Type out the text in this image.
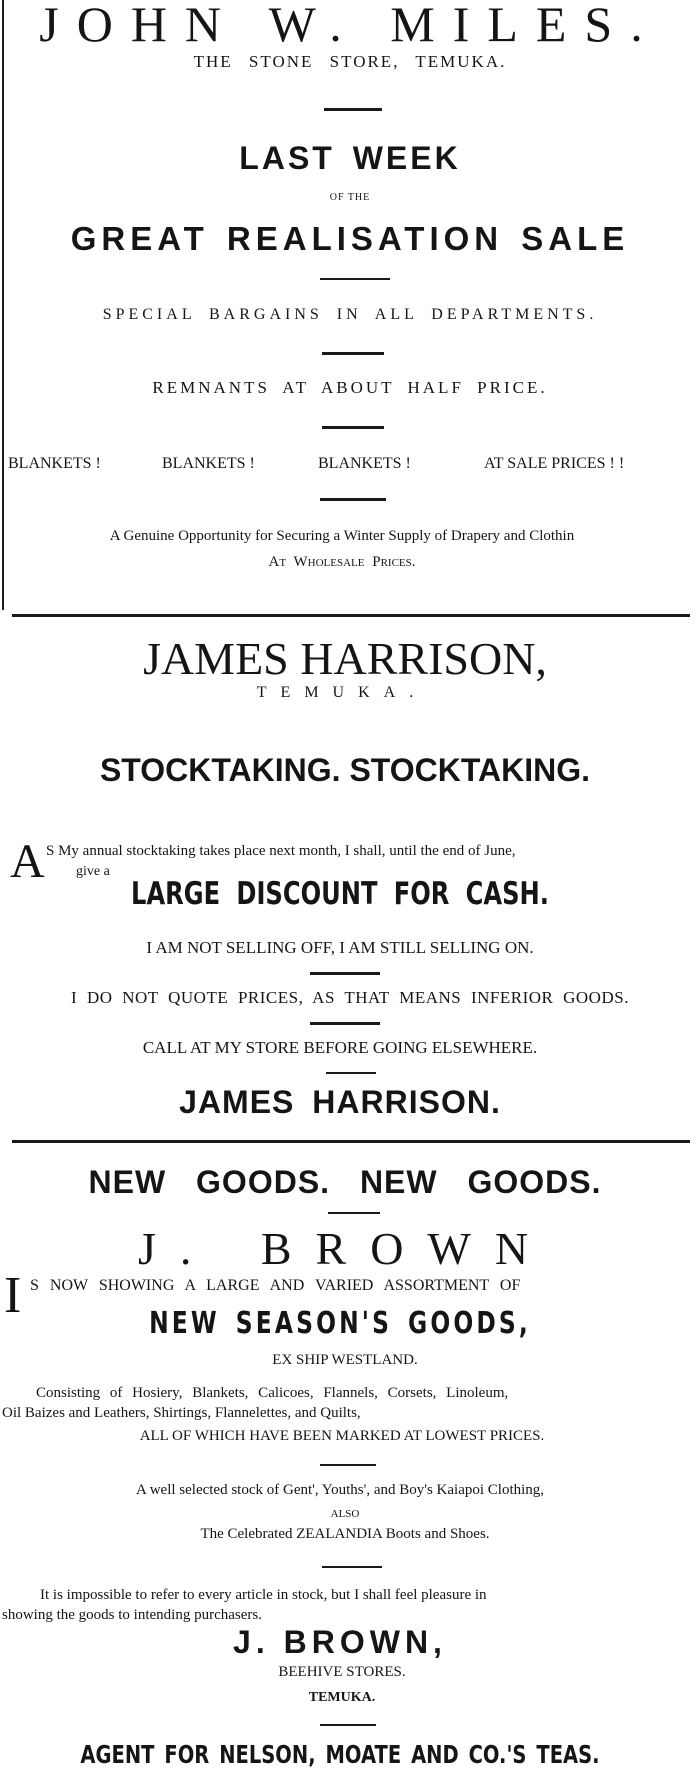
JOHN W. MILES.
THE STONE STORE, TEMUKA.
LAST WEEK
OF THE
GREAT REALISATION SALE
SPECIAL BARGAINS IN ALL DEPARTMENTS.
REMNANTS AT ABOUT HALF PRICE.
BLANKETS !	BLANKETS !	BLANKETS !	AT SALE PRICES ! !
A Genuine Opportunity for Securing a Winter Supply of Drapery and Clothin
At Wholesale Prices.
JAMES HARRISON,
TEMUKA.
STOCKTAKING. STOCKTAKING.
A S My annual stocktaking takes place next month, I shall, until the end of June,
give a
LARGE DISCOUNT FOR CASH.
I AM NOT SELLING OFF, I AM STILL SELLING ON.
I DO NOT QUOTE PRICES, AS THAT MEANS INFERIOR GOODS.
CALL AT MY STORE BEFORE GOING ELSEWHERE.
JAMES HARRISON.
NEW GOODS. NEW GOODS.
J. BROWN
I S NOW SHOWING A LARGE AND VARIED ASSORTMENT OF
NEW SEASON'S GOODS,
EX SHIP WESTLAND.
Consisting of Hosiery, Blankets, Calicoes, Flannels, Corsets, Linoleum,
Oil Baizes and Leathers, Shirtings, Flannelettes, and Quilts,
ALL OF WHICH HAVE BEEN MARKED AT LOWEST PRICES.
A well selected stock of Gent', Youths', and Boy's Kaiapoi Clothing,
ALSO
The Celebrated ZEALANDIA Boots and Shoes.
It is impossible to refer to every article in stock, but I shall feel pleasure in
showing the goods to intending purchasers.
J. BROWN,
BEEHIVE STORES.
TEMUKA.
AGENT FOR NELSON, MOATE AND CO.'S TEAS.
